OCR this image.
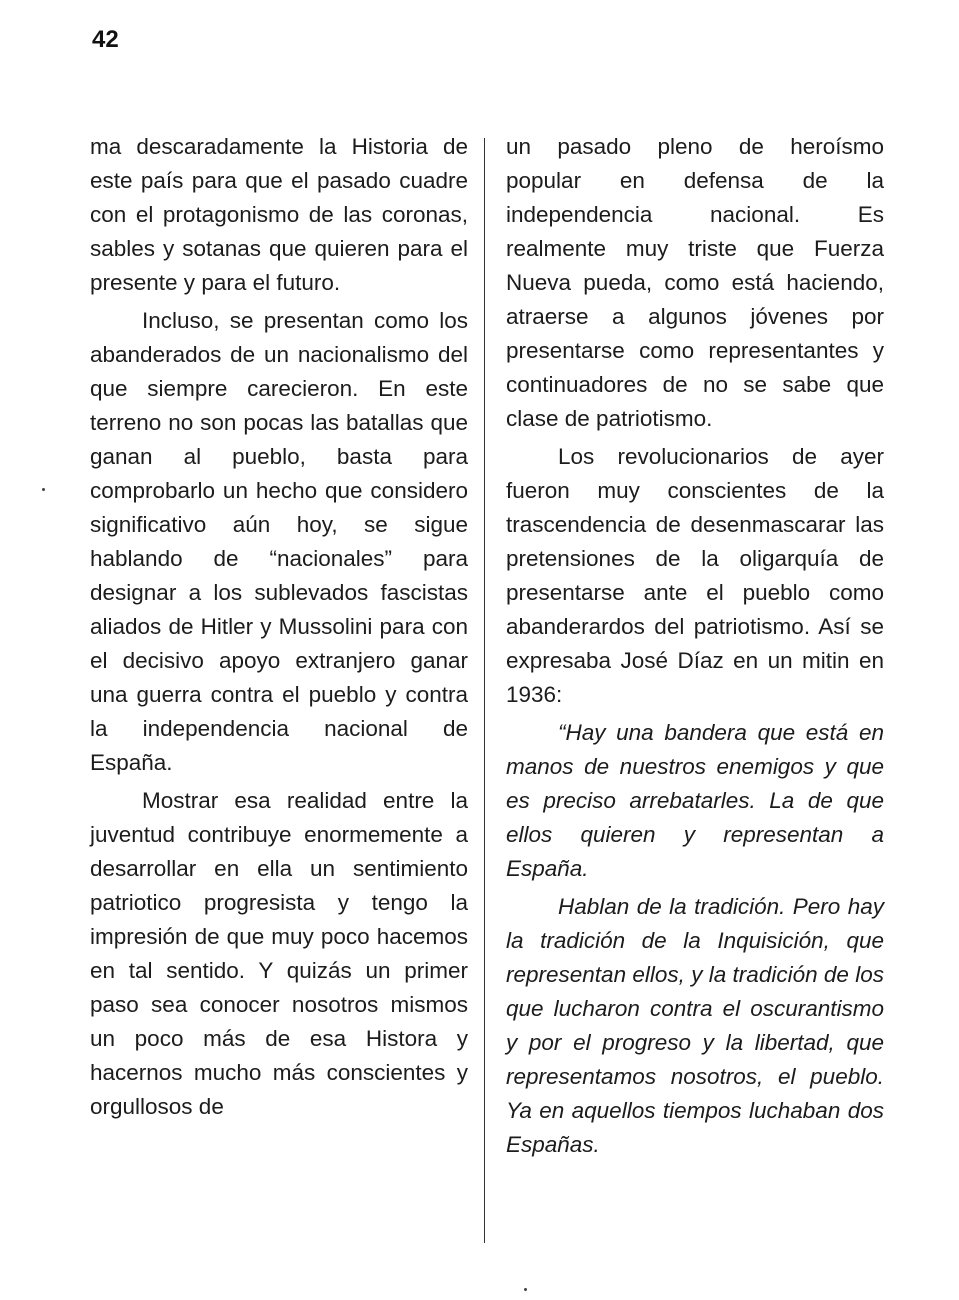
42

ma descaradamente la Historia de este país para que el pasado cuadre con el protagonismo de las coronas, sables y sotanas que quieren para el presente y para el futuro.

Incluso, se presentan como los abanderados de un nacionalismo del que siempre carecieron. En este terreno no son pocas las batallas que ganan al pueblo, basta para comprobarlo un hecho que considero significativo aún hoy, se sigue hablando de “nacionales” para designar a los sublevados fascistas aliados de Hitler y Mussolini para con el decisivo apoyo extranjero ganar una guerra contra el pueblo y contra la independencia nacional de España.

Mostrar esa realidad entre la juventud contribuye enormemente a desarrollar en ella un sentimiento patriotico progresista y tengo la impresión de que muy poco hacemos en tal sentido. Y quizás un primer paso sea conocer nosotros mismos un poco más de esa Histora y hacernos mucho más conscientes y orgullosos de

un pasado pleno de heroísmo popular en defensa de la independencia nacional. Es realmente muy triste que Fuerza Nueva pueda, como está haciendo, atraerse a algunos jóvenes por presentarse como representantes y continuadores de no se sabe que clase de patriotismo.

Los revolucionarios de ayer fueron muy conscientes de la trascendencia de desenmascarar las pretensiones de la oligarquía de presentarse ante el pueblo como abanderardos del patriotismo. Así se expresaba José Díaz en un mitin en 1936:

“Hay una bandera que está en manos de nuestros enemigos y que es preciso arrebatarles. La de que ellos quieren y representan a España.

Hablan de la tradición. Pero hay la tradición de la Inquisición, que representan ellos, y la tradición de los que lucharon contra el oscurantismo y por el progreso y la libertad, que representamos nosotros, el pueblo. Ya en aquellos tiempos luchaban dos Españas.
